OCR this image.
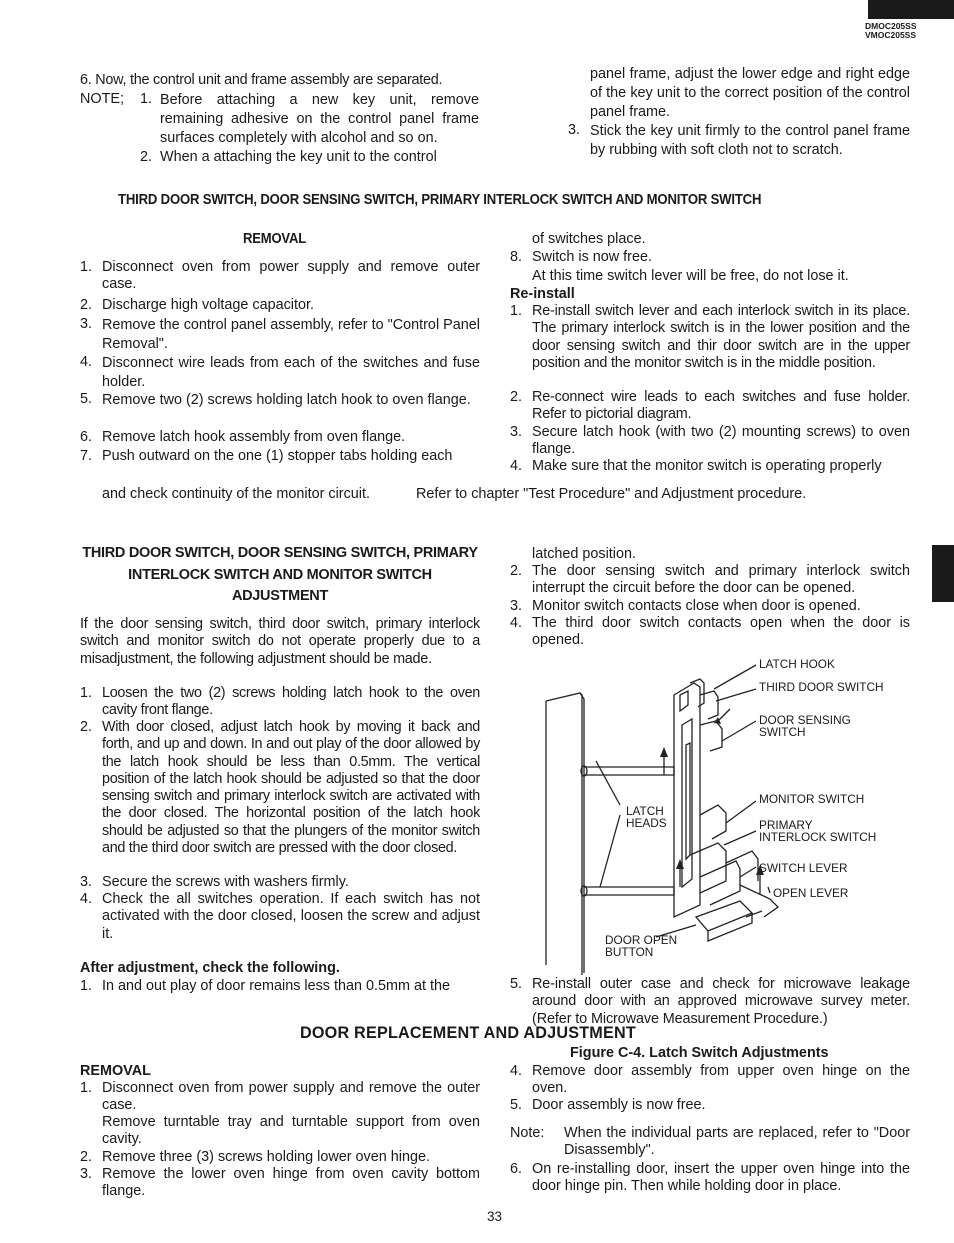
DMOC205SS
VMOC205SS
6. Now, the control unit and frame assembly are separated.
NOTE; 1. Before attaching a new key unit, remove remaining adhesive on the control panel frame surfaces completely with alcohol and so on.
2. When a attaching the key unit to the control
panel frame, adjust the lower edge and right edge of the key unit to the correct position of the control panel frame.
3. Stick the key unit firmly to the control panel frame by rubbing with soft cloth not to scratch.
THIRD DOOR SWITCH, DOOR SENSING SWITCH, PRIMARY INTERLOCK SWITCH AND MONITOR SWITCH
REMOVAL
1. Disconnect oven from power supply and remove outer case.
2. Discharge high voltage capacitor.
3. Remove the control panel assembly, refer to "Control Panel Removal".
4. Disconnect wire leads from each of the switches and fuse holder.
5. Remove two (2) screws holding latch hook to oven flange.
6. Remove latch hook assembly from oven flange.
7. Push outward on the one (1) stopper tabs holding each
of switches place.
8. Switch is now free.
At this time switch lever will be free, do not lose it.
Re-install
1. Re-install switch lever and each interlock switch in its place. The primary interlock switch is in the lower position and the door sensing switch and thir door switch are in the upper position and the monitor switch is in the middle position.
2. Re-connect wire leads to each switches and fuse holder. Refer to pictorial diagram.
3. Secure latch hook (with two (2) mounting screws) to oven flange.
4. Make sure that the monitor switch is operating properly
and check continuity of the monitor circuit.	Refer to chapter "Test Procedure" and Adjustment procedure.
THIRD DOOR SWITCH, DOOR SENSING SWITCH, PRIMARY
INTERLOCK SWITCH AND MONITOR SWITCH
ADJUSTMENT
If the door sensing switch, third door switch, primary interlock switch and monitor switch do not operate properly due to a misadjustment, the following adjustment should be made.
1. Loosen the two (2) screws holding latch hook to the oven cavity front flange.
2. With door closed, adjust latch hook by moving it back and forth, and up and down. In and out play of the door allowed by the latch hook should be less than 0.5mm. The vertical position of the latch hook should be adjusted so that the door sensing switch and primary interlock switch are activated with the door closed. The horizontal position of the latch hook should be adjusted so that the plungers of the monitor switch and the third door switch are pressed with the door closed.
3. Secure the screws with washers firmly.
4. Check the all switches operation. If each switch has not activated with the door closed, loosen the screw and adjust it.
After adjustment, check the following.
1. In and out play of door remains less than 0.5mm at the
latched position.
2. The door sensing switch and primary interlock switch interrupt the circuit before the door can be opened.
3. Monitor switch contacts close when door is opened.
4. The third door switch contacts open when the door is opened.
LATCH HOOK
THIRD DOOR SWITCH
DOOR SENSING
SWITCH
MONITOR SWITCH
LATCH
HEADS	PRIMARY
INTERLOCK SWITCH
SWITCH LEVER
OPEN LEVER
DOOR OPEN
BUTTON
5. Re-install outer case and check for microwave leakage around door with an approved microwave survey meter. (Refer to Microwave Measurement Procedure.)
Figure C-4. Latch Switch Adjustments
DOOR REPLACEMENT AND ADJUSTMENT
REMOVAL
1. Disconnect oven from power supply and remove the outer case.
Remove turntable tray and turntable support from oven cavity.
2. Remove three (3) screws holding lower oven hinge.
3. Remove the lower oven hinge from oven cavity bottom flange.
4. Remove door assembly from upper oven hinge on the oven.
5. Door assembly is now free.
Note: When the individual parts are replaced, refer to "Door Disassembly".
6. On re-installing door, insert the upper oven hinge into the door hinge pin. Then while holding door in place.
33
